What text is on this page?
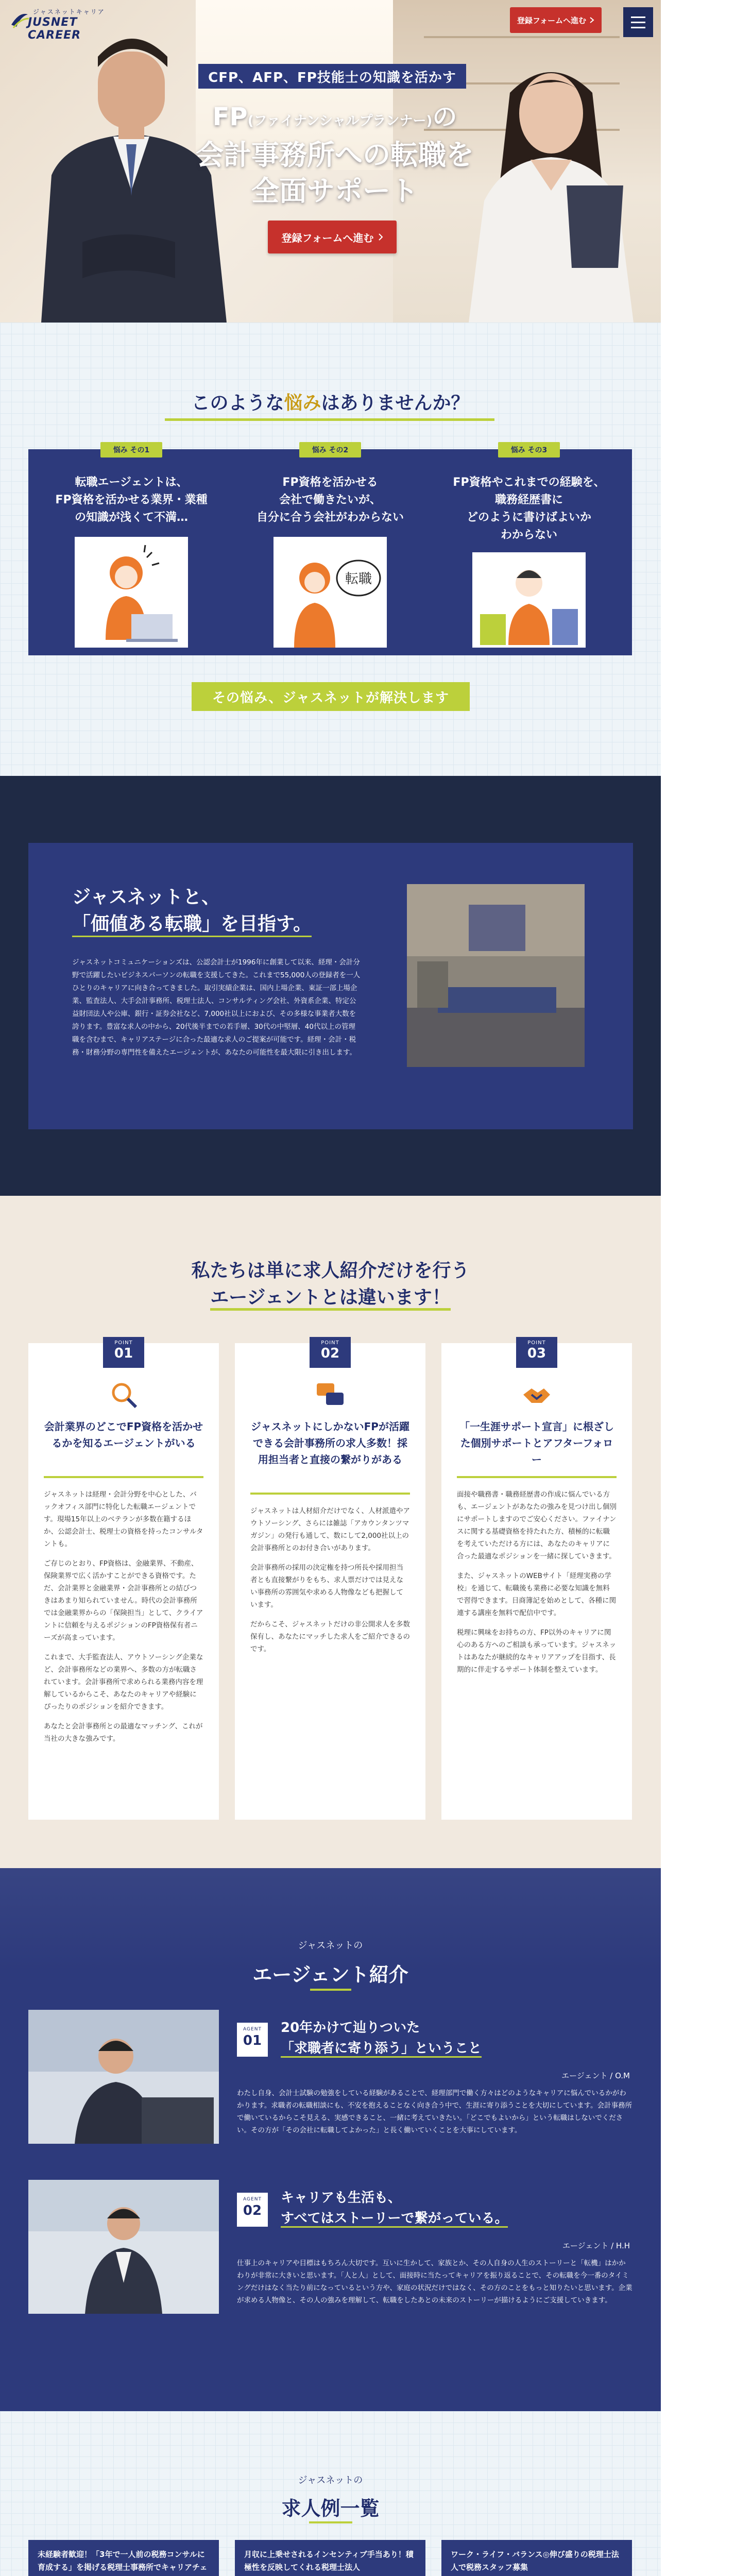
ジャスネットキャリア
JUSNET CAREER
登録フォームへ進む
CFP、AFP、FP技能士の知識を活かす
FP(ファイナンシャルプランナー)の
会計事務所への転職を
全面サポート
登録フォームへ進む
このような悩みはありませんか？
悩み その1
転職エージェントは、
FP資格を活かせる業界・業種
の知識が浅くて不満…
悩み その2
FP資格を活かせる
会社で働きたいが、
自分に合う会社がわからない
転職
悩み その3
FP資格やこれまでの経験を、
職務経歴書に
どのように書けばよいか
わからない
その悩み、ジャスネットが解決します
ジャスネットと、
「価値ある転職」を目指す。

ジャスネットコミュニケーションズは、公認会計士が1996年に創業して以来、経理・会計分野で活躍したいビジネスパーソンの転職を支援してきた。これまで55,000人の登録者を一人ひとりのキャリアに向き合ってきました。取引実績企業は、国内上場企業、東証一部上場企業、監査法人、大手会計事務所、税理士法人、コンサルティング会社、外資系企業、特定公益財団法人や公庫、銀行・証券会社など、7,000社以上におよび、その多様な事業者大数を誇ります。豊富な求人の中から、20代後半までの若手層、30代の中堅層、40代以上の管理職を含むまで、キャリアステージに合った最適な求人のご提案が可能です。経理・会計・税務・財務分野の専門性を備えたエージェントが、あなたの可能性を最大限に引き出します。

私たちは単に求人紹介だけを行う
エージェントとは違います！
POINT
01
会計業界のどこでFP資格を活かせるかを知るエージェントがいる

ジャスネットは経理・会計分野を中心とした、バックオフィス部門に特化した転職エージェントです。現場15年以上のベテランが多数在籍するほか、公認会計士、税理士の資格を持ったコンサルタントも。

ご存じのとおり、FP資格は、金融業界、不動産、保険業界で広く活かすことができる資格です。ただ、会計業界と金融業界・会計事務所との結びつきはあまり知られていません。時代の会計事務所では金融業界からの「保険担当」として、クライアントに信頼を与えるポジションのFP資格保有者ニーズが高まっています。

これまで、大手監査法人、アウトソーシング企業など、会計事務所などの業界へ、多数の方が転職されています。会計事務所で求められる業務内容を理解しているからこそ、あなたのキャリアや経験にぴったりのポジションを紹介できます。

あなたと会計事務所との最適なマッチング、これが当社の大きな強みです。

POINT
02
ジャスネットにしかないFPが活躍できる会計事務所の求人多数！採用担当者と直接の繋がりがある

ジャスネットは人材紹介だけでなく、人材派遣やアウトソーシング、さらには雑誌「アカウンタンツマガジン」の発行も通して、数にして2,000社以上の会計事務所とのお付き合いがあります。

会計事務所の採用の決定権を持つ所長や採用担当者とも直接繋がりをもち、求人票だけでは見えない事務所の雰囲気や求める人物像なども把握しています。

だからこそ、ジャスネットだけの非公開求人を多数保有し、あなたにマッチした求人をご紹介できるのです。

POINT
03
「一生涯サポート宣言」に根ざした個別サポートとアフターフォロー

面接や職務書・職務経歴書の作成に悩んでいる方も、エージェントがあなたの強みを見つけ出し個別にサポートしますのでご安心ください。ファイナンスに関する基礎資格を持たれた方、積極的に転職を考えていただける方には、あなたのキャリアに合った最適なポジションを一緒に探していきます。

また、ジャスネットのWEBサイト「経理実務の学校」を通じて、転職後も業務に必要な知識を無料で習得できます。日商簿記を始めとして、各種に関連する講座を無料で配信中です。

税理に興味をお持ちの方、FP以外のキャリアに関心のある方へのご相談も承っています。ジャスネットはあなたが継続的なキャリアアップを目指す、長期的に伴走するサポート体制を整えています。

ジャスネットの
エージェント紹介
AGENT
01
20年かけて辿りついた
「求職者に寄り添う」ということ
エージェント / O.M

わたし自身、会計士試験の勉強をしている経験があることで、経理部門で働く方々はどのようなキャリアに悩んでいるかがわかります。求職者の転職相談にも、不安を抱えることなく向き合う中で、生涯に寄り添うことを大切にしています。会計事務所で働いているからこそ見える、実感できること、一緒に考えていきたい。「どこでもよいから」という転職はしないでください。その方が「その会社に転職してよかった」と長く働いていくことを大事にしています。

AGENT
02
キャリアも生活も、
すべてはストーリーで繋がっている。
エージェント / H.H

仕事上のキャリアや目標はもちろん大切です。互いに生かして、家族とか、その人自身の人生のストーリーと「転機」はかかわりが非常に大きいと思います。「人と人」として、面接時に当たってキャリアを振り返ることで、その転職を今一番のタイミングだけはなく当たり前になっているという方や、家庭の状況だけではなく、その方のことをもっと知りたいと思います。企業が求める人物像と、その人の強みを理解して、転職をしたあとの未来のストーリーが描けるようにご支援していきます。

ジャスネットの
求人例一覧
未経験者歓迎！「3年で一人前の税務コンサルに育成する」を掲げる税理士事務所でキャリアチェ
月収に上乗せされるインセンティブ手当あり！積極性を反映してくれる税理士法人
ワーク・ライフ・バランス◎伸び盛りの税理士法人で税務スタッフ募集
